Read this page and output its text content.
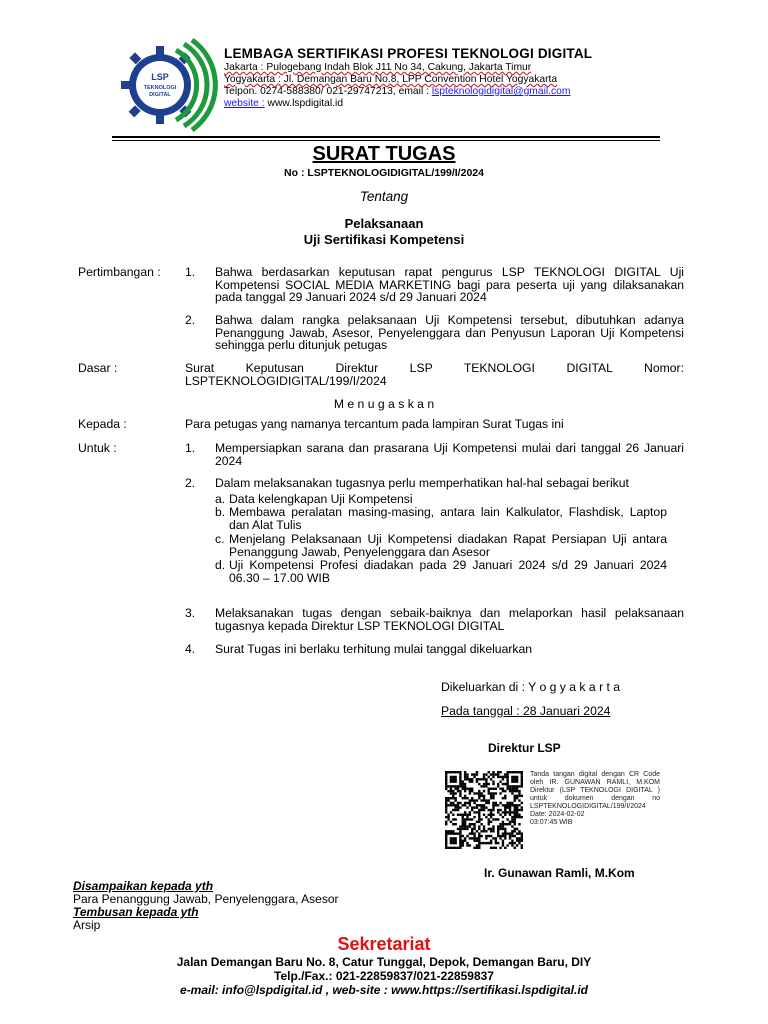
LSP
TEKNOLOGI
DIGITAL
LEMBAGA SERTIFIKASI PROFESI TEKNOLOGI DIGITAL
Jakarta : Pulogebang Indah Blok J11 No 34, Cakung, Jakarta Timur
Yogyakarta : Jl. Demangan Baru No.8, LPP Convention Hotel Yogyakarta
Telpon. 0274-588380/ 021-29747213, email : lspteknologidigital@gmail.com
website : www.lspdigital.id
SURAT TUGAS
No : LSPTEKNOLOGIDIGITAL/199/I/2024
Tentang
Pelaksanaan
Uji Sertifikasi Kompetensi
Pertimbangan : 1. Bahwa berdasarkan keputusan rapat pengurus LSP TEKNOLOGI DIGITAL Uji Kompetensi SOCIAL MEDIA MARKETING bagi para peserta uji yang dilaksanakan pada tanggal 29 Januari 2024 s/d 29 Januari 2024
2. Bahwa dalam rangka pelaksanaan Uji Kompetensi tersebut, dibutuhkan adanya Penanggung Jawab, Asesor, Penyelenggara dan Penyusun Laporan Uji Kompetensi sehingga perlu ditunjuk petugas
Dasar :	Surat Keputusan Direktur LSP TEKNOLOGI DIGITAL Nomor: LSPTEKNOLOGIDIGITAL/199/I/2024
M e n u g a s k a n
Kepada :	Para petugas yang namanya tercantum pada lampiran Surat Tugas ini
Untuk :	1. Mempersiapkan sarana dan prasarana Uji Kompetensi mulai dari tanggal 26 Januari 2024
2. Dalam melaksanakan tugasnya perlu memperhatikan hal-hal sebagai berikut
a. Data kelengkapan Uji Kompetensi
b. Membawa peralatan masing-masing, antara lain Kalkulator, Flashdisk, Laptop dan Alat Tulis
c. Menjelang Pelaksanaan Uji Kompetensi diadakan Rapat Persiapan Uji antara Penanggung Jawab, Penyelenggara dan Asesor
d. Uji Kompetensi Profesi diadakan pada 29 Januari 2024 s/d 29 Januari 2024 06.30 – 17.00 WIB
3. Melaksanakan tugas dengan sebaik-baiknya dan melaporkan hasil pelaksanaan tugasnya kepada Direktur LSP TEKNOLOGI DIGITAL
4. Surat Tugas ini berlaku terhitung mulai tanggal dikeluarkan
Dikeluarkan di : Y o g y a k a r t a
Pada tanggal : 28 Januari 2024
Direktur LSP
Tanda tangan digital dengan CR Code oleh IR. GUNAWAN RAMLI, M.KOM Direktur (LSP TEKNOLOGI DIGITAL ) untuk dokumen dengan no LSPTEKNOLOGIDIGITAL/199/I/2024
Date: 2024-02-02
03:07:45 WIB
Ir. Gunawan Ramli, M.Kom
Disampaikan kepada yth
Para Penanggung Jawab, Penyelenggara, Asesor
Tembusan kepada yth
Arsip
Sekretariat
Jalan Demangan Baru No. 8, Catur Tunggal, Depok, Demangan Baru, DIY
Telp./Fax.: 021-22859837/021-22859837
e-mail: info@lspdigital.id , web-site : www.https://sertifikasi.lspdigital.id
